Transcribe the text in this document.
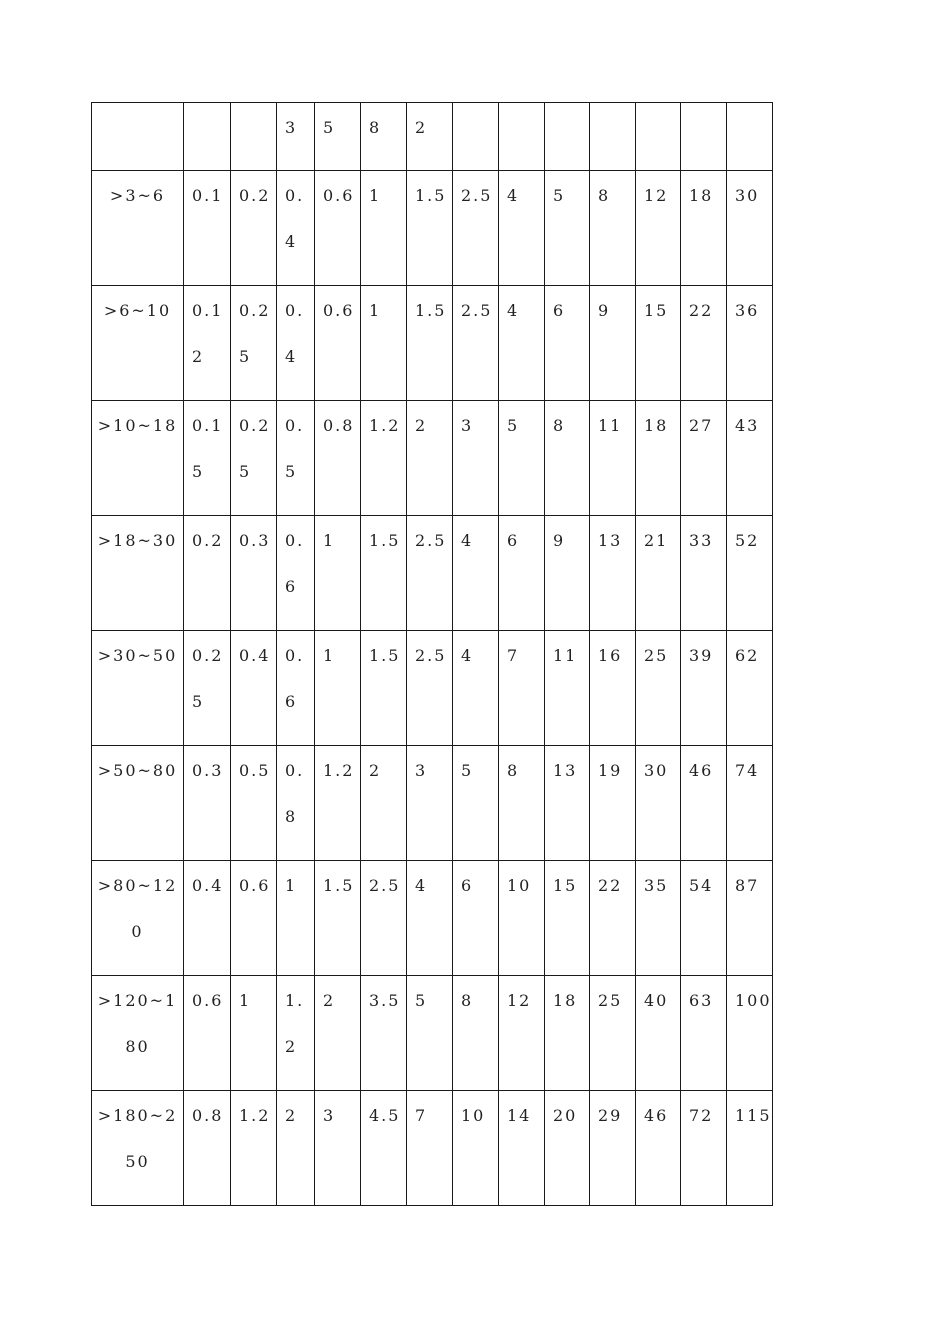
			3	5	8	2							

>3~6	0.1	0.2	0.4	0.6	1	1.5	2.5	4	5	8	12	18	30

>6~10	0.12	0.25	0.4	0.6	1	1.5	2.5	4	6	9	15	22	36

>10~18	0.15	0.25	0.5	0.8	1.2	2	3	5	8	11	18	27	43

>18~30	0.2	0.3	0.6	1	1.5	2.5	4	6	9	13	21	33	52

>30~50	0.25	0.4	0.6	1	1.5	2.5	4	7	11	16	25	39	62

>50~80	0.3	0.5	0.8	1.2	2	3	5	8	13	19	30	46	74

>80~120	0.4	0.6	1	1.5	2.5	4	6	10	15	22	35	54	87

>120~180	0.6	1	1.2	2	3.5	5	8	12	18	25	40	63	100

>180~250	0.8	1.2	2	3	4.5	7	10	14	20	29	46	72	115
